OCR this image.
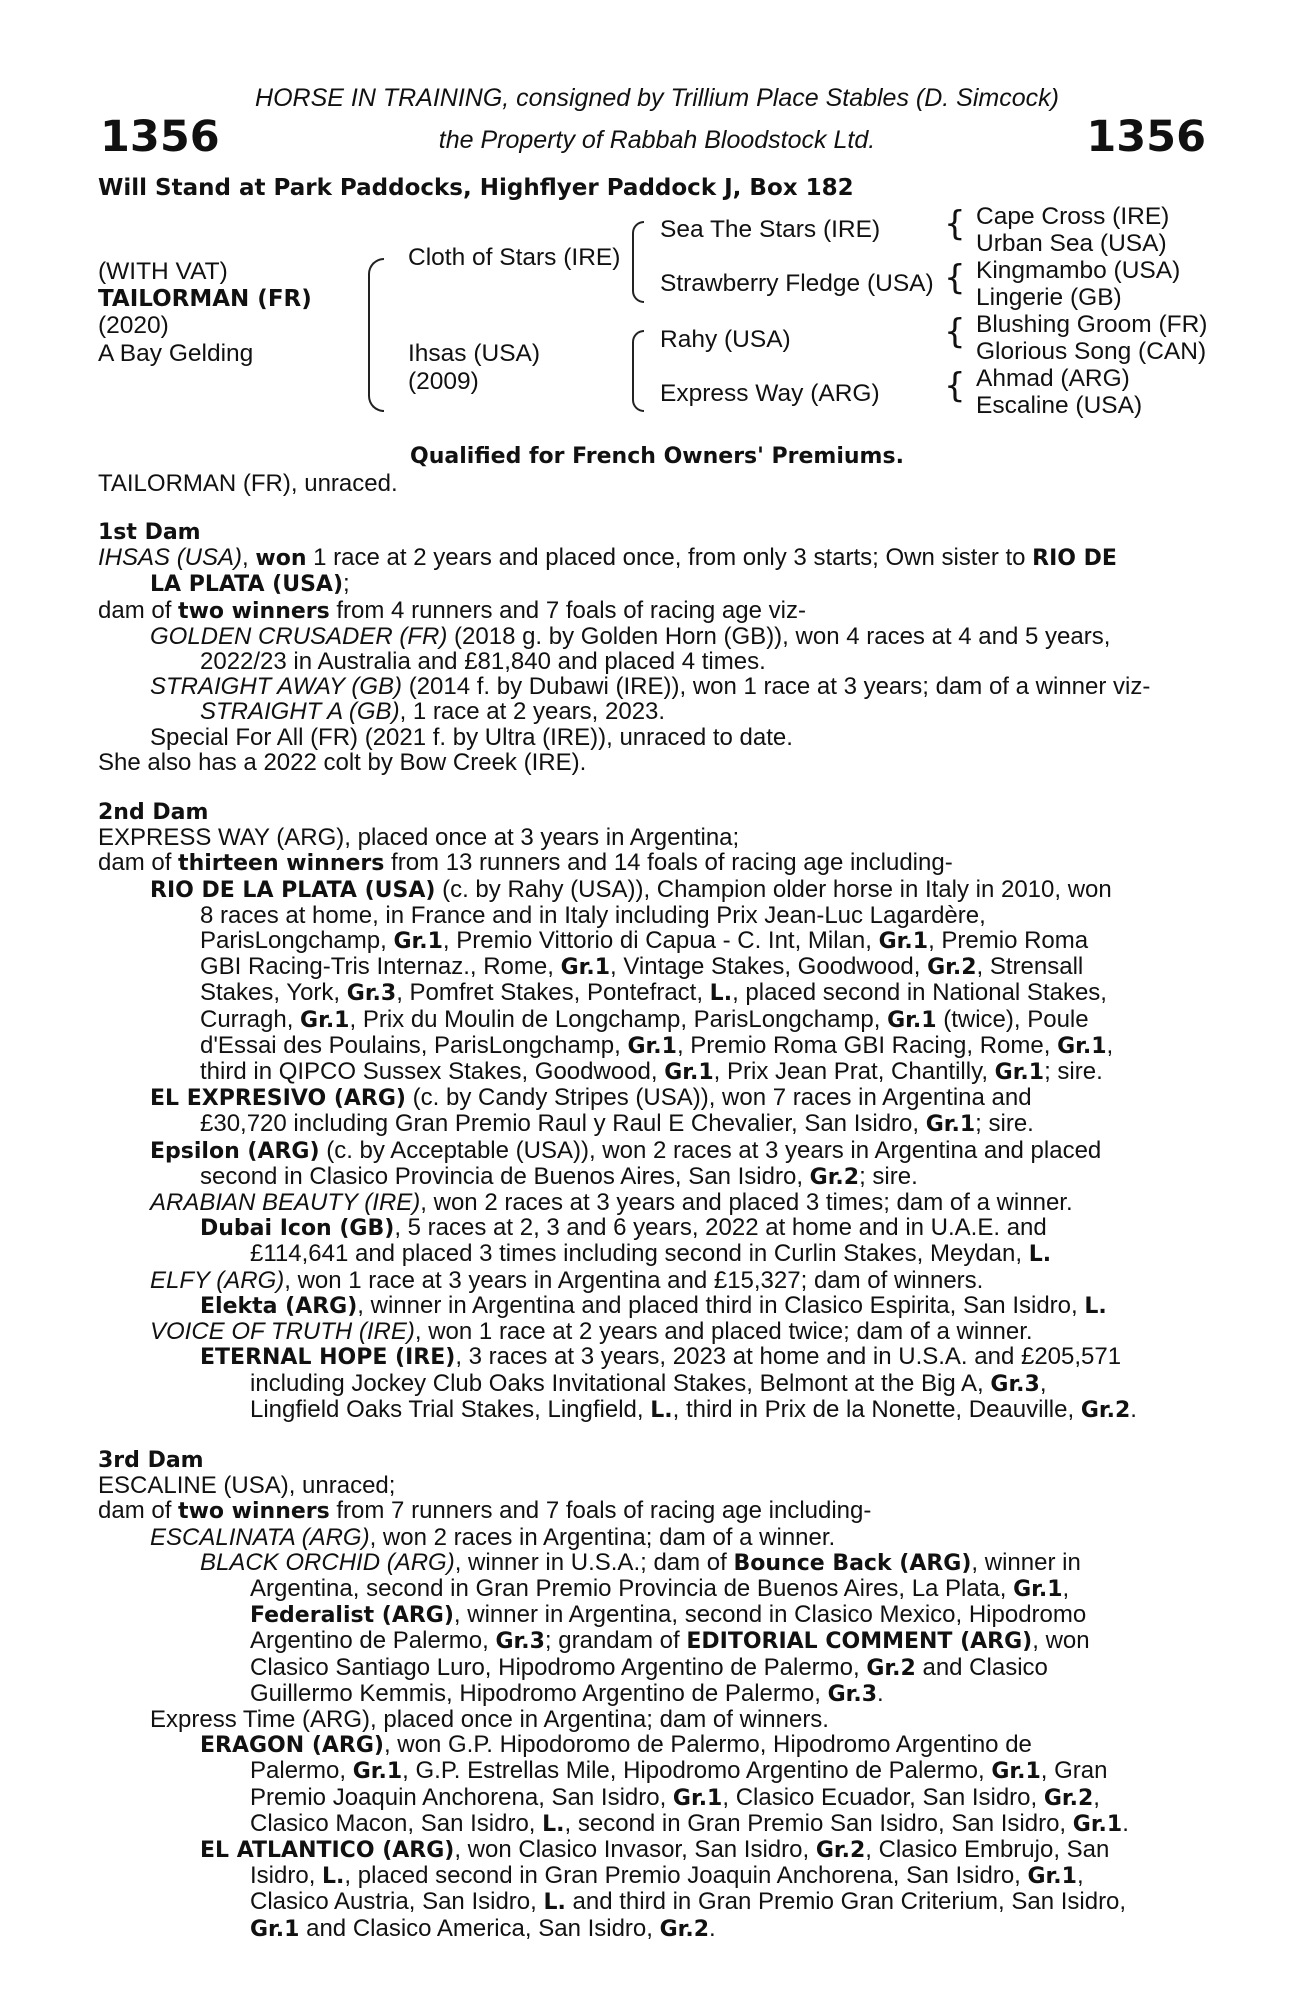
HORSE IN TRAINING, consigned by Trillium Place Stables (D. Simcock)
the Property of Rabbah Bloodstock Ltd.
1356	1356
Will Stand at Park Paddocks, Highflyer Paddock J, Box 182
(WITH VAT)
TAILORMAN (FR)
(2020)
A Bay Gelding
Cloth of Stars (IRE)
Ihsas (USA)
(2009)
Sea The Stars (IRE)
Strawberry Fledge (USA)
Rahy (USA)
Express Way (ARG)
{
{
{
{
Cape Cross (IRE)
Urban Sea (USA)
Kingmambo (USA)
Lingerie (GB)
Blushing Groom (FR)
Glorious Song (CAN)
Ahmad (ARG)
Escaline (USA)
Qualified for French Owners' Premiums.
TAILORMAN (FR), unraced.

1st Dam

IHSAS (USA), won 1 race at 2 years and placed once, from only 3 starts; Own sister to RIO DE

LA PLATA (USA);

dam of two winners from 4 runners and 7 foals of racing age viz-

GOLDEN CRUSADER (FR) (2018 g. by Golden Horn (GB)), won 4 races at 4 and 5 years,

2022/23 in Australia and £81,840 and placed 4 times.

STRAIGHT AWAY (GB) (2014 f. by Dubawi (IRE)), won 1 race at 3 years; dam of a winner viz-

STRAIGHT A (GB), 1 race at 2 years, 2023.

Special For All (FR) (2021 f. by Ultra (IRE)), unraced to date.

She also has a 2022 colt by Bow Creek (IRE).

2nd Dam

EXPRESS WAY (ARG), placed once at 3 years in Argentina;

dam of thirteen winners from 13 runners and 14 foals of racing age including-

RIO DE LA PLATA (USA) (c. by Rahy (USA)), Champion older horse in Italy in 2010, won

8 races at home, in France and in Italy including Prix Jean-Luc Lagardère,

ParisLongchamp, Gr.1, Premio Vittorio di Capua - C. Int, Milan, Gr.1, Premio Roma

GBI Racing-Tris Internaz., Rome, Gr.1, Vintage Stakes, Goodwood, Gr.2, Strensall

Stakes, York, Gr.3, Pomfret Stakes, Pontefract, L., placed second in National Stakes,

Curragh, Gr.1, Prix du Moulin de Longchamp, ParisLongchamp, Gr.1 (twice), Poule

d'Essai des Poulains, ParisLongchamp, Gr.1, Premio Roma GBI Racing, Rome, Gr.1,

third in QIPCO Sussex Stakes, Goodwood, Gr.1, Prix Jean Prat, Chantilly, Gr.1; sire.

EL EXPRESIVO (ARG) (c. by Candy Stripes (USA)), won 7 races in Argentina and

£30,720 including Gran Premio Raul y Raul E Chevalier, San Isidro, Gr.1; sire.

Epsilon (ARG) (c. by Acceptable (USA)), won 2 races at 3 years in Argentina and placed

second in Clasico Provincia de Buenos Aires, San Isidro, Gr.2; sire.

ARABIAN BEAUTY (IRE), won 2 races at 3 years and placed 3 times; dam of a winner.

Dubai Icon (GB), 5 races at 2, 3 and 6 years, 2022 at home and in U.A.E. and

£114,641 and placed 3 times including second in Curlin Stakes, Meydan, L.

ELFY (ARG), won 1 race at 3 years in Argentina and £15,327; dam of winners.

Elekta (ARG), winner in Argentina and placed third in Clasico Espirita, San Isidro, L.

VOICE OF TRUTH (IRE), won 1 race at 2 years and placed twice; dam of a winner.

ETERNAL HOPE (IRE), 3 races at 3 years, 2023 at home and in U.S.A. and £205,571

including Jockey Club Oaks Invitational Stakes, Belmont at the Big A, Gr.3,

Lingfield Oaks Trial Stakes, Lingfield, L., third in Prix de la Nonette, Deauville, Gr.2.

3rd Dam

ESCALINE (USA), unraced;

dam of two winners from 7 runners and 7 foals of racing age including-

ESCALINATA (ARG), won 2 races in Argentina; dam of a winner.

BLACK ORCHID (ARG), winner in U.S.A.; dam of Bounce Back (ARG), winner in

Argentina, second in Gran Premio Provincia de Buenos Aires, La Plata, Gr.1,

Federalist (ARG), winner in Argentina, second in Clasico Mexico, Hipodromo

Argentino de Palermo, Gr.3; grandam of EDITORIAL COMMENT (ARG), won

Clasico Santiago Luro, Hipodromo Argentino de Palermo, Gr.2 and Clasico

Guillermo Kemmis, Hipodromo Argentino de Palermo, Gr.3.

Express Time (ARG), placed once in Argentina; dam of winners.

ERAGON (ARG), won G.P. Hipodoromo de Palermo, Hipodromo Argentino de

Palermo, Gr.1, G.P. Estrellas Mile, Hipodromo Argentino de Palermo, Gr.1, Gran

Premio Joaquin Anchorena, San Isidro, Gr.1, Clasico Ecuador, San Isidro, Gr.2,

Clasico Macon, San Isidro, L., second in Gran Premio San Isidro, San Isidro, Gr.1.

EL ATLANTICO (ARG), won Clasico Invasor, San Isidro, Gr.2, Clasico Embrujo, San

Isidro, L., placed second in Gran Premio Joaquin Anchorena, San Isidro, Gr.1,

Clasico Austria, San Isidro, L. and third in Gran Premio Gran Criterium, San Isidro,

Gr.1 and Clasico America, San Isidro, Gr.2.
